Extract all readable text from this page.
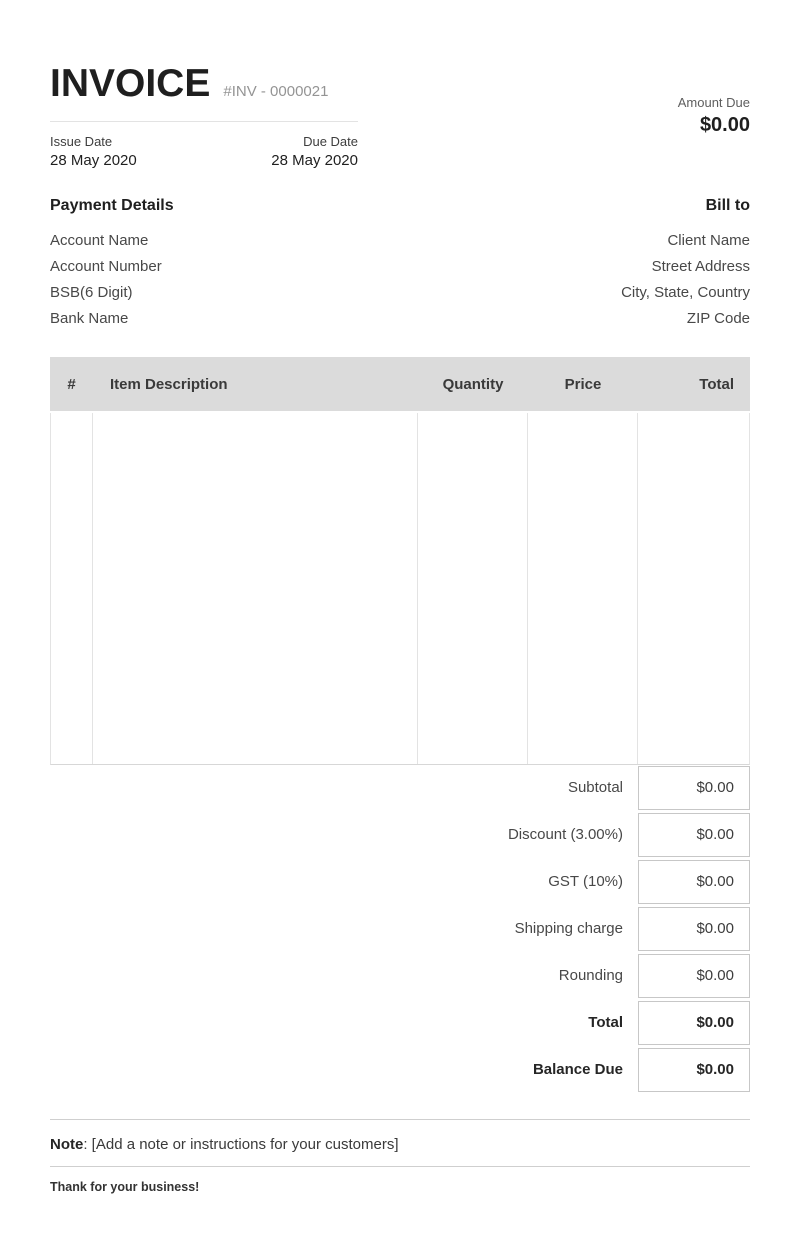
INVOICE #INV - 0000021
Issue Date
28 May 2020
Due Date
28 May 2020
Amount Due
$0.00
Payment Details
Account Name
Account Number
BSB(6 Digit)
Bank Name
Bill to
Client Name
Street Address
City, State, Country
ZIP Code
#	Item Description	Quantity	Price	Total
Subtotal	$0.00
Discount (3.00%)	$0.00
GST (10%)	$0.00
Shipping charge	$0.00
Rounding	$0.00
Total	$0.00
Balance Due	$0.00
Note: [Add a note or instructions for your customers]
Thank for your business!
